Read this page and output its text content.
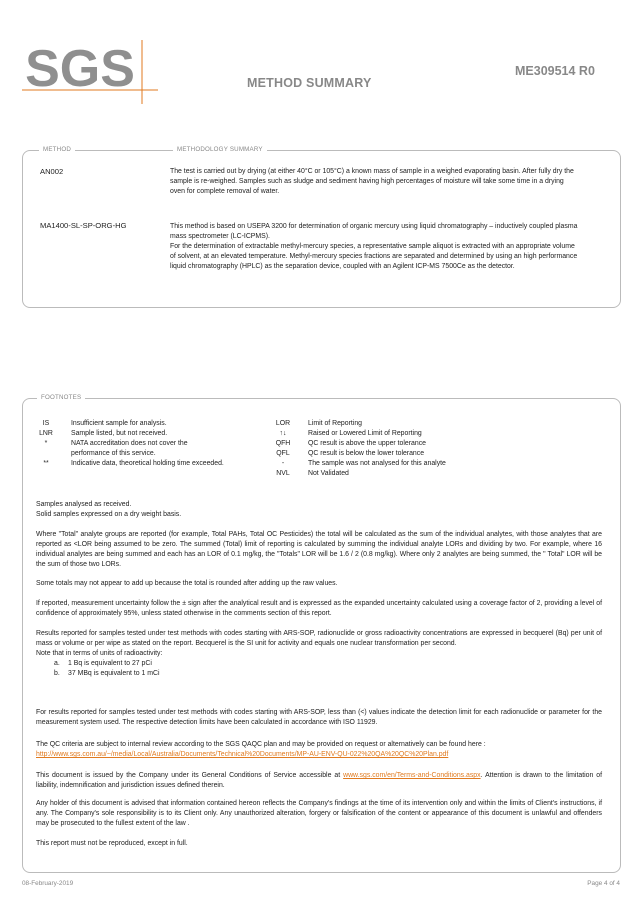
SGS	METHOD SUMMARY
ME309514 R0
METHOD	METHODOLOGY SUMMARY
AN002	The test is carried out by drying (at either 40°C or 105°C) a known mass of sample in a weighed evaporating basin. After fully dry the sample is re-weighed. Samples such as sludge and sediment having high percentages of moisture will take some time in a drying oven for complete removal of water.

MA1400-SL-SP-ORG-HG	This method is based on USEPA 3200 for determination of organic mercury using liquid chromatography – inductively coupled plasma mass spectrometer (LC-ICPMS).

For the determination of extractable methyl-mercury species, a representative sample aliquot is extracted with an appropriate volume of solvent, at an elevated temperature. Methyl-mercury species fractions are separated and determined by using an high performance liquid chromatography (HPLC) as the separation device, coupled with an Agilent ICP-MS 7500Ce as the detector.

FOOTNOTES
IS	Insufficient sample for analysis.
LNR	Sample listed, but not received.
*	NATA accreditation does not cover the
performance of this service.
**	Indicative data, theoretical holding time exceeded.
LOR	Limit of Reporting
↑↓	Raised or Lowered Limit of Reporting
QFH	QC result is above the upper tolerance
QFL	QC result is below the lower tolerance
-	The sample was not analysed for this analyte
NVL	Not Validated

Samples analysed as received.

Solid samples expressed on a dry weight basis.

Where "Total" analyte groups are reported (for example, Total PAHs, Total OC Pesticides) the total will be calculated as the sum of the individual analytes, with those analytes that are reported as <LOR being assumed to be zero. The summed (Total) limit of reporting is calculated by summing the individual analyte LORs and dividing by two. For example, where 16 individual analytes are being summed and each has an LOR of 0.1 mg/kg, the "Totals" LOR will be 1.6 / 2 (0.8 mg/kg). Where only 2 analytes are being summed, the " Total" LOR will be the sum of those two LORs.

Some totals may not appear to add up because the total is rounded after adding up the raw values.

If reported, measurement uncertainty follow the ± sign after the analytical result and is expressed as the expanded uncertainty calculated using a coverage factor of 2, providing a level of confidence of approximately 95%, unless stated otherwise in the comments section of this report.

Results reported for samples tested under test methods with codes starting with ARS-SOP, radionuclide or gross radioactivity concentrations are expressed in becquerel (Bq) per unit of mass or volume or per wipe as stated on the report. Becquerel is the SI unit for activity and equals one nuclear transformation per second.

Note that in terms of units of radioactivity:

a.	1 Bq is equivalent to 27 pCi
b.	37 MBq is equivalent to 1 mCi

For results reported for samples tested under test methods with codes starting with ARS-SOP, less than (<) values indicate the detection limit for each radionuclide or parameter for the measurement system used. The respective detection limits have been calculated in accordance with ISO 11929.

The QC criteria are subject to internal review according to the SGS QAQC plan and may be provided on request or alternatively can be found here :

http://www.sgs.com.au/~/media/Local/Australia/Documents/Technical%20Documents/MP-AU-ENV-QU-022%20QA%20QC%20Plan.pdf

This document is issued by the Company under its General Conditions of Service accessible at www.sgs.com/en/Terms-and-Conditions.aspx. Attention is drawn to the limitation of liability, indemnification and jurisdiction issues defined therein.

Any holder of this document is advised that information contained hereon reflects the Company's findings at the time of its intervention only and within the limits of Client's instructions, if any. The Company's sole responsibility is to its Client only. Any unauthorized alteration, forgery or falsification of the content or appearance of this document is unlawful and offenders may be prosecuted to the fullest extent of the law .

This report must not be reproduced, except in full.

08-February-2019	Page 4 of 4
